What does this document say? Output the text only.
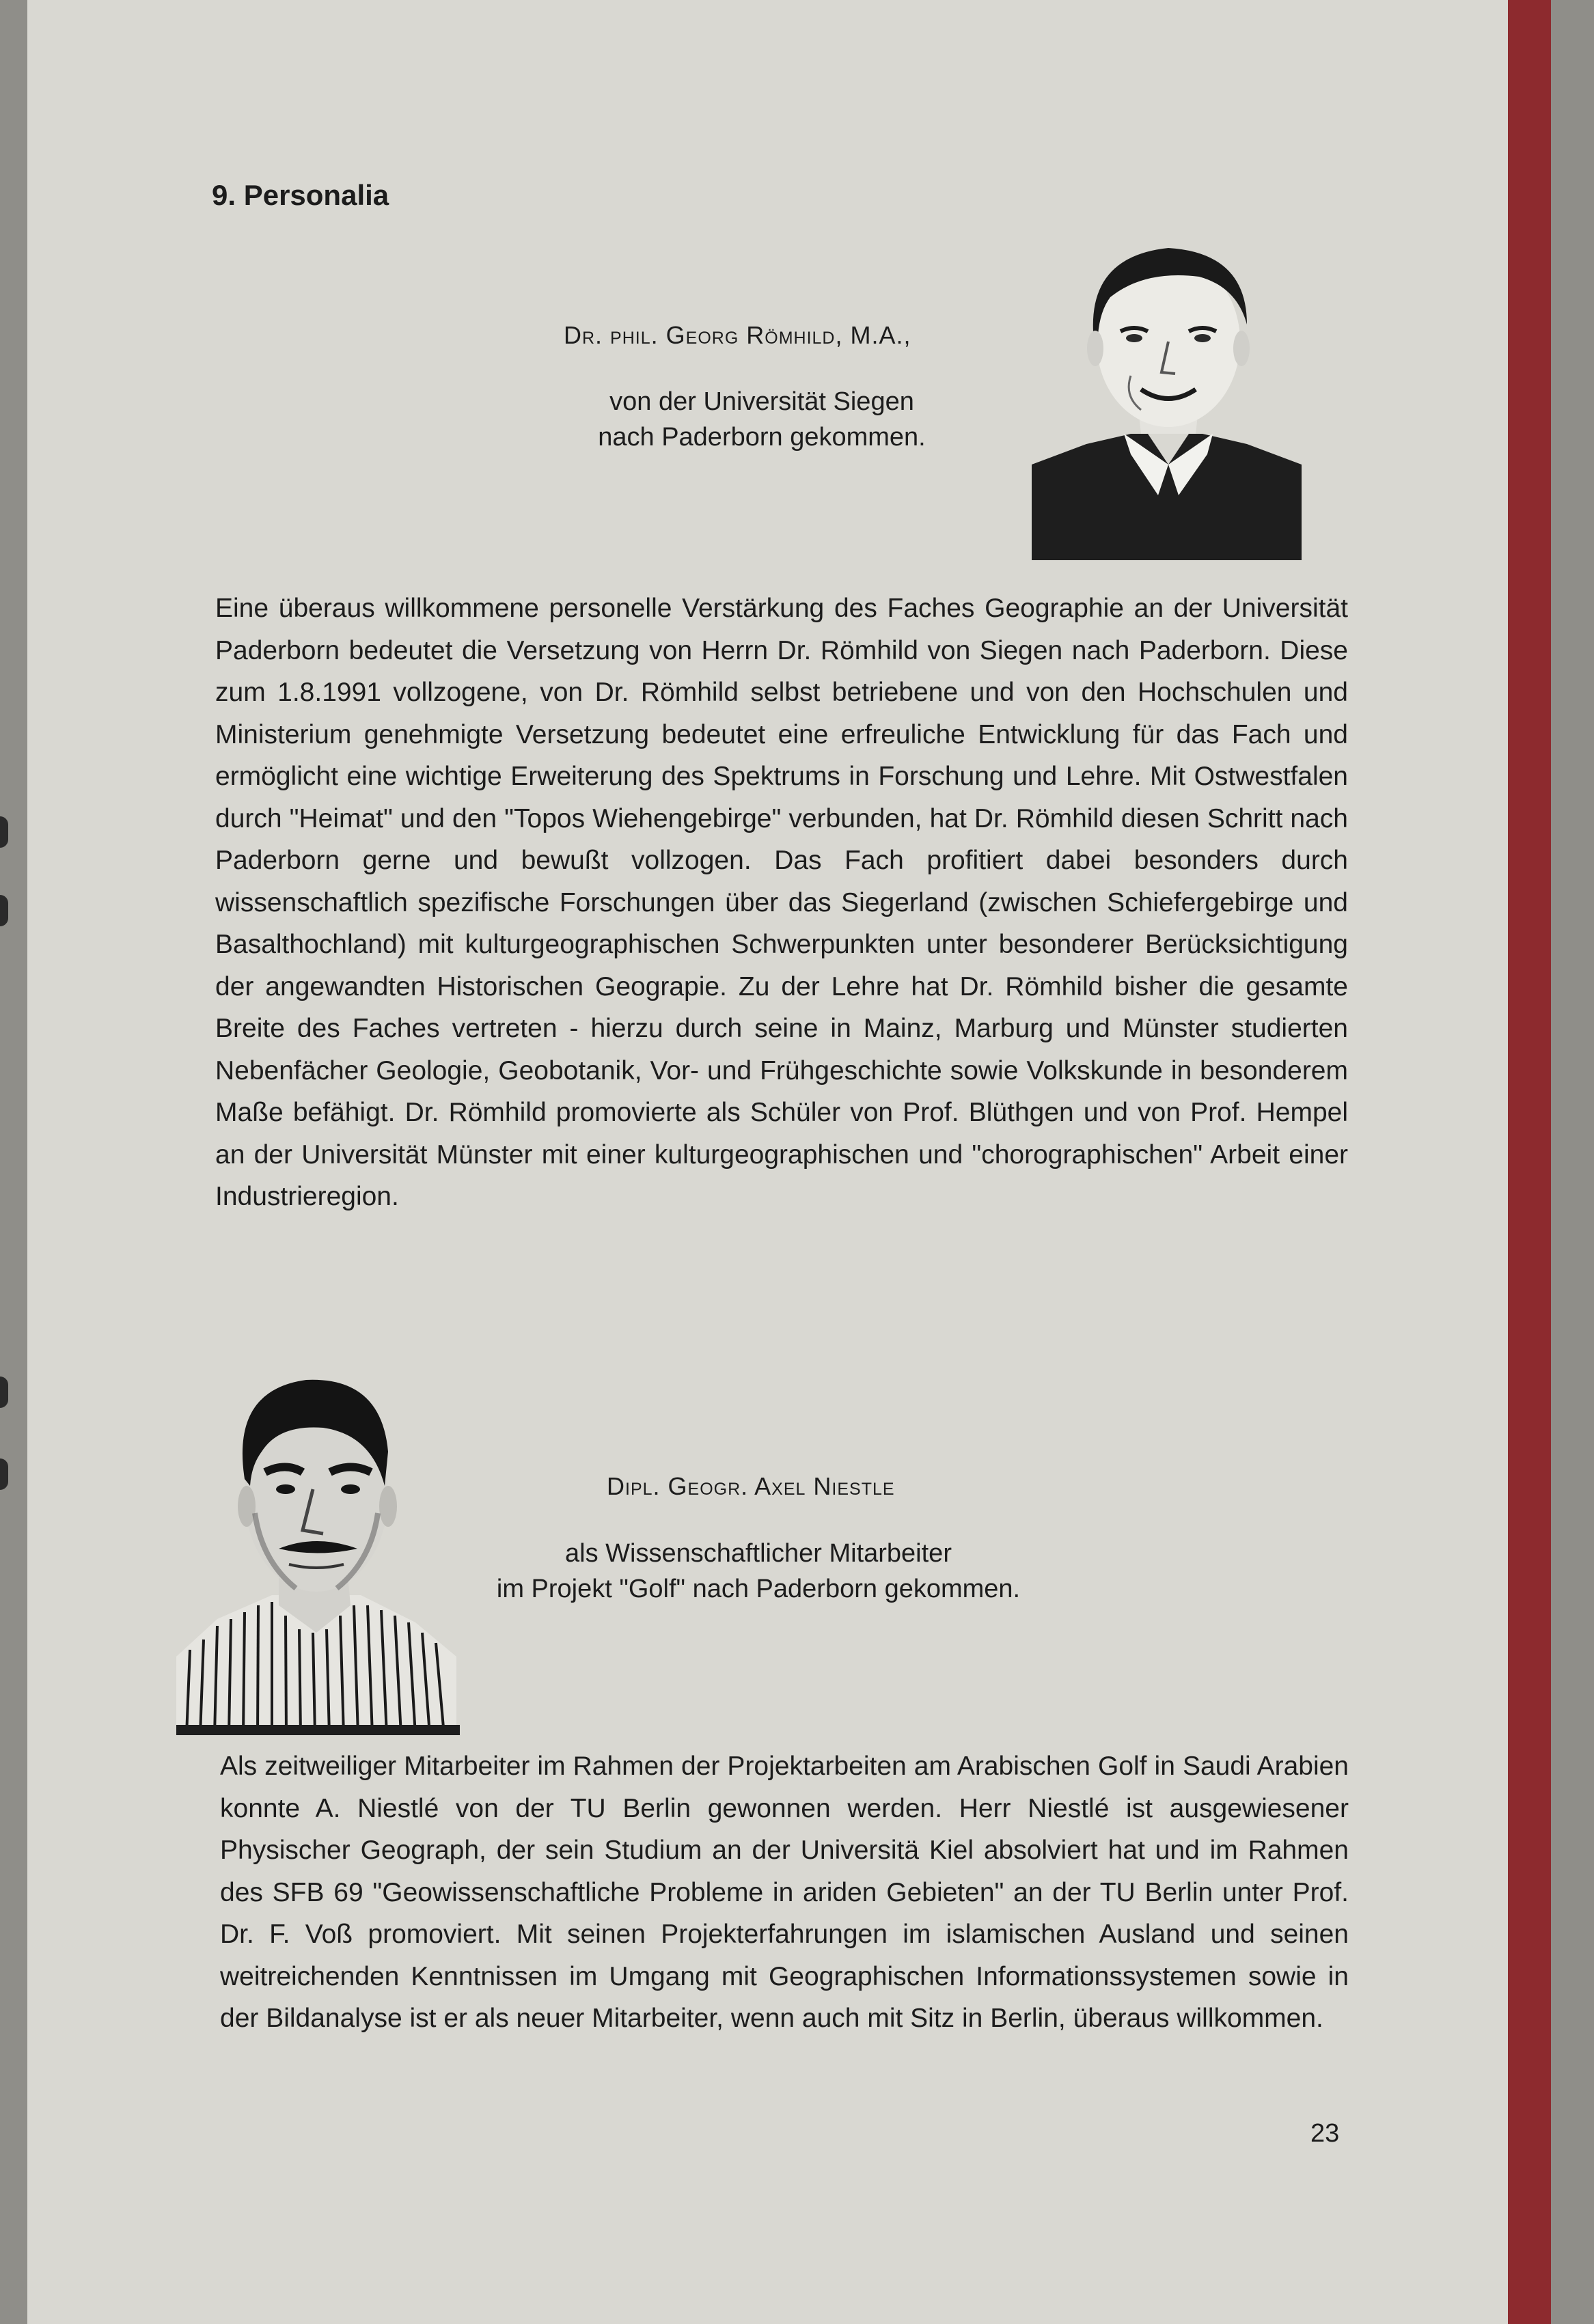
9. Personalia

Dr. phil. Georg Römhild, M.A.,

von der Universität Siegen
nach Paderborn gekommen.

Eine überaus willkommene personelle Verstärkung des Faches Geographie an der Universität Paderborn bedeutet die Versetzung von Herrn Dr. Römhild von Siegen nach Paderborn. Diese zum 1.8.1991 vollzogene, von Dr. Römhild selbst betriebene und von den Hochschulen und Ministerium genehmigte Versetzung bedeutet eine erfreuliche Entwicklung für das Fach und ermöglicht eine wichtige Erweiterung des Spektrums in Forschung und Lehre. Mit Ostwestfalen durch "Heimat" und den "Topos Wiehengebirge" verbunden, hat Dr. Römhild diesen Schritt nach Paderborn gerne und bewußt vollzogen. Das Fach profitiert dabei besonders durch wissenschaftlich spezifische Forschungen über das Siegerland (zwischen Schiefergebirge und Basalthochland) mit kulturgeographischen Schwerpunkten unter besonderer Berücksichtigung der angewandten Historischen Geograpie. Zu der Lehre hat Dr. Römhild bisher die gesamte Breite des Faches vertreten - hierzu durch seine in Mainz, Marburg und Münster studierten Nebenfächer Geologie, Geobotanik, Vor- und Frühgeschichte sowie Volkskunde in besonderem Maße befähigt. Dr. Römhild promovierte als Schüler von Prof. Blüthgen und von Prof. Hempel an der Universität Münster mit einer kulturgeographischen und "chorographischen" Arbeit einer Industrieregion.

Dipl. Geogr. Axel Niestle

als Wissenschaftlicher Mitarbeiter
im Projekt "Golf" nach Paderborn gekommen.

Als zeitweiliger Mitarbeiter im Rahmen der Projektarbeiten am Arabischen Golf in Saudi Arabien konnte A. Niestlé von der TU Berlin gewonnen werden. Herr Niestlé ist ausgewiesener Physischer Geograph, der sein Studium an der Universitä Kiel absolviert hat und im Rahmen des SFB 69 "Geowissenschaftliche Probleme in ariden Gebieten" an der TU Berlin unter Prof. Dr. F. Voß promoviert. Mit seinen Projekterfahrungen im islamischen Ausland und seinen weitreichenden Kenntnissen im Umgang mit Geographischen Informationssystemen sowie in der Bildanalyse ist er als neuer Mitarbeiter, wenn auch mit Sitz in Berlin, überaus willkommen.

23
